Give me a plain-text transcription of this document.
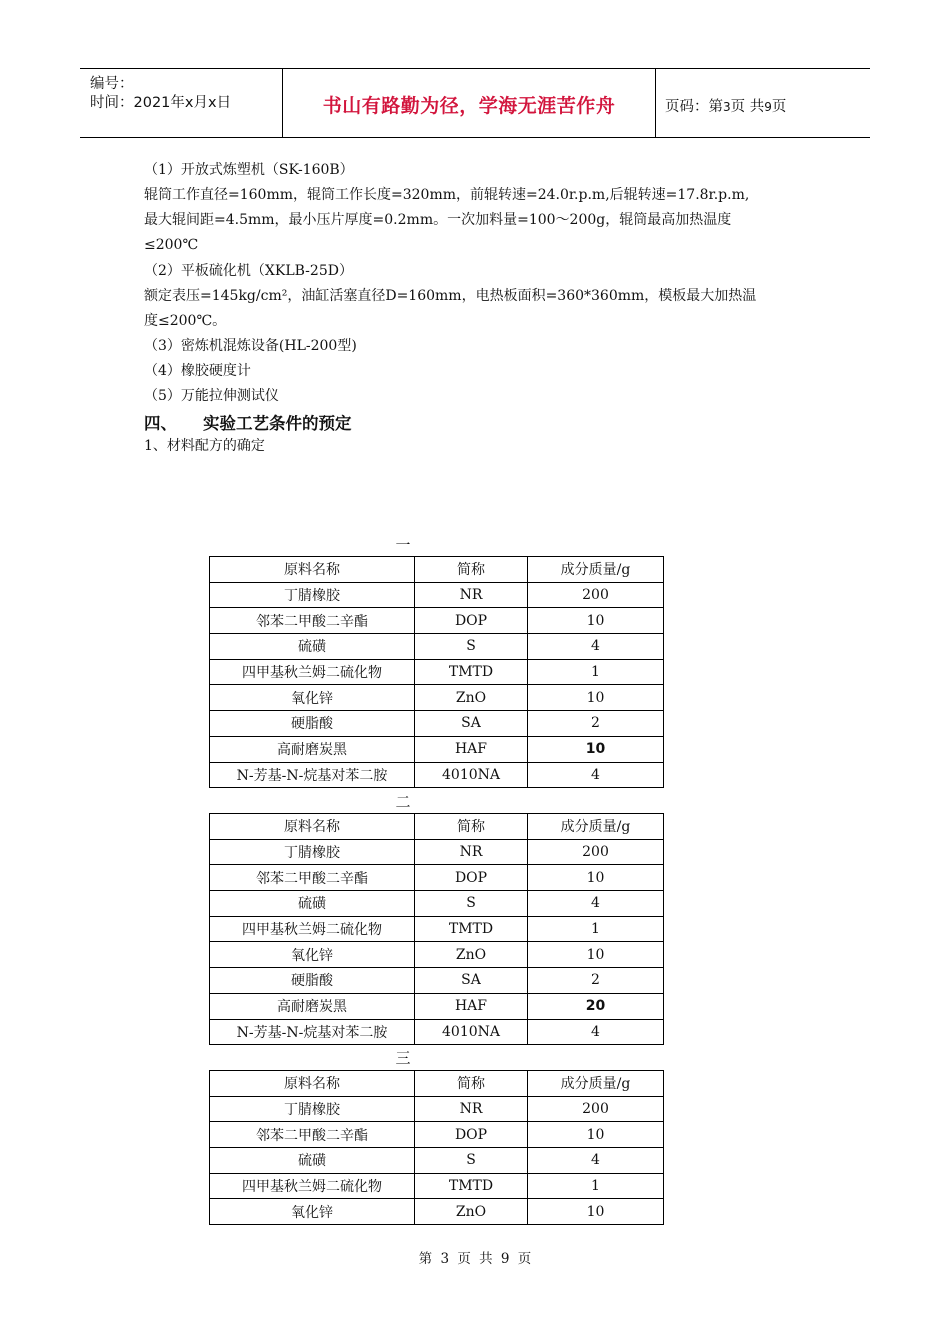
编号：
时间：2021年x月x日	书山有路勤为径，学海无涯苦作舟	页码：第3页 共9页
（1）开放式炼塑机（SK-160B）
辊筒工作直径=160mm，辊筒工作长度=320mm，前辊转速=24.0r.p.m,后辊转速=17.8r.p.m,
最大辊间距=4.5mm，最小压片厚度=0.2mm。一次加料量=100～200g，辊筒最高加热温度
≤200℃
（2）平板硫化机（XKLB-25D）
额定表压=145kg/cm²，油缸活塞直径D=160mm，电热板面积=360*360mm，模板最大加热温
度≤200℃。
（3）密炼机混炼设备(HL-200型)
（4）橡胶硬度计
（5）万能拉伸测试仪
四、 实验工艺条件的预定
1、材料配方的确定
一
原料名称	简称	成分质量/g
丁腈橡胶	NR	200
邻苯二甲酸二辛酯	DOP	10
硫磺	S	4
四甲基秋兰姆二硫化物	TMTD	1
氧化锌	ZnO	10
硬脂酸	SA	2
高耐磨炭黑	HAF	10
N-芳基-N-烷基对苯二胺	4010NA	4
二
原料名称	简称	成分质量/g
丁腈橡胶	NR	200
邻苯二甲酸二辛酯	DOP	10
硫磺	S	4
四甲基秋兰姆二硫化物	TMTD	1
氧化锌	ZnO	10
硬脂酸	SA	2
高耐磨炭黑	HAF	20
N-芳基-N-烷基对苯二胺	4010NA	4
三
原料名称	简称	成分质量/g
丁腈橡胶	NR	200
邻苯二甲酸二辛酯	DOP	10
硫磺	S	4
四甲基秋兰姆二硫化物	TMTD	1
氧化锌	ZnO	10
第 3 页 共 9 页
